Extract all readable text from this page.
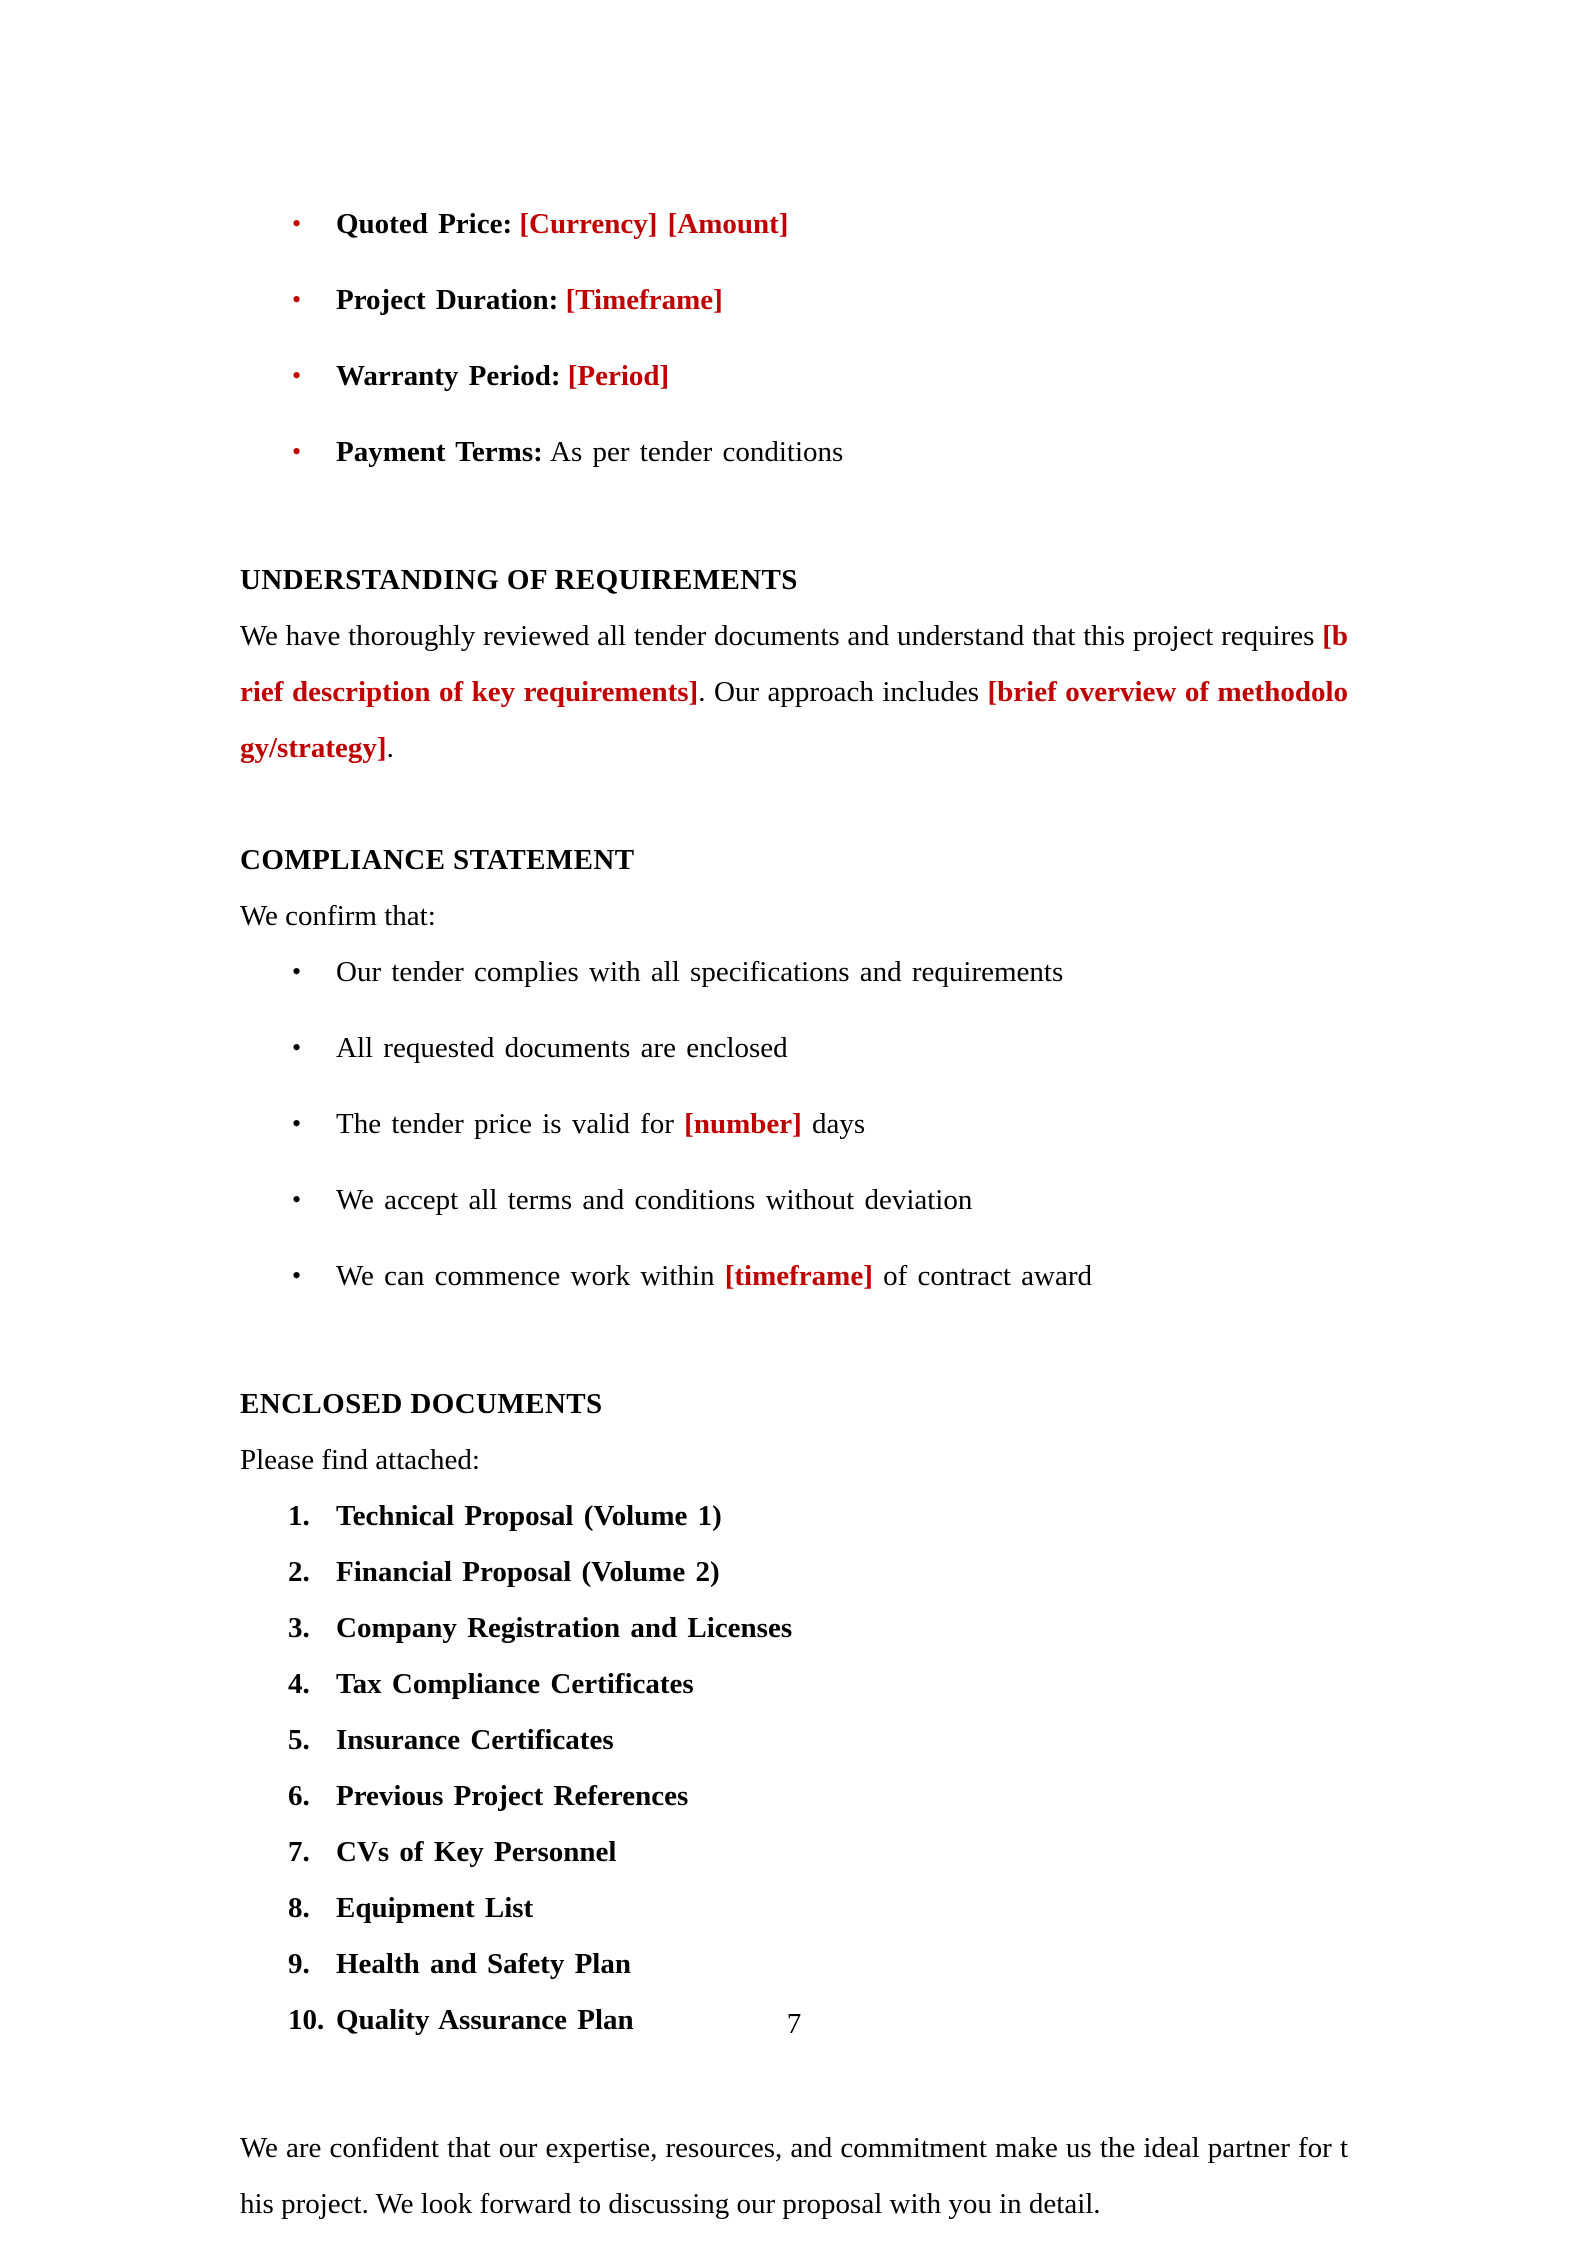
• Quoted Price: [Currency] [Amount]
• Project Duration: [Timeframe]
• Warranty Period: [Period]
• Payment Terms: As per tender conditions
UNDERSTANDING OF REQUIREMENTS

We have thoroughly reviewed all tender documents and understand that this project requires [brief description of key requirements]. Our approach includes [brief overview of methodology/strategy].

COMPLIANCE STATEMENT

We confirm that:

• Our tender complies with all specifications and requirements
• All requested documents are enclosed
• The tender price is valid for [number] days
• We accept all terms and conditions without deviation
• We can commence work within [timeframe] of contract award
ENCLOSED DOCUMENTS

Please find attached:

1. Technical Proposal (Volume 1)
2. Financial Proposal (Volume 2)
3. Company Registration and Licenses
4. Tax Compliance Certificates
5. Insurance Certificates
6. Previous Project References
7. CVs of Key Personnel
8. Equipment List
9. Health and Safety Plan
10. Quality Assurance Plan

We are confident that our expertise, resources, and commitment make us the ideal partner for this project. We look forward to discussing our proposal with you in detail.

7
